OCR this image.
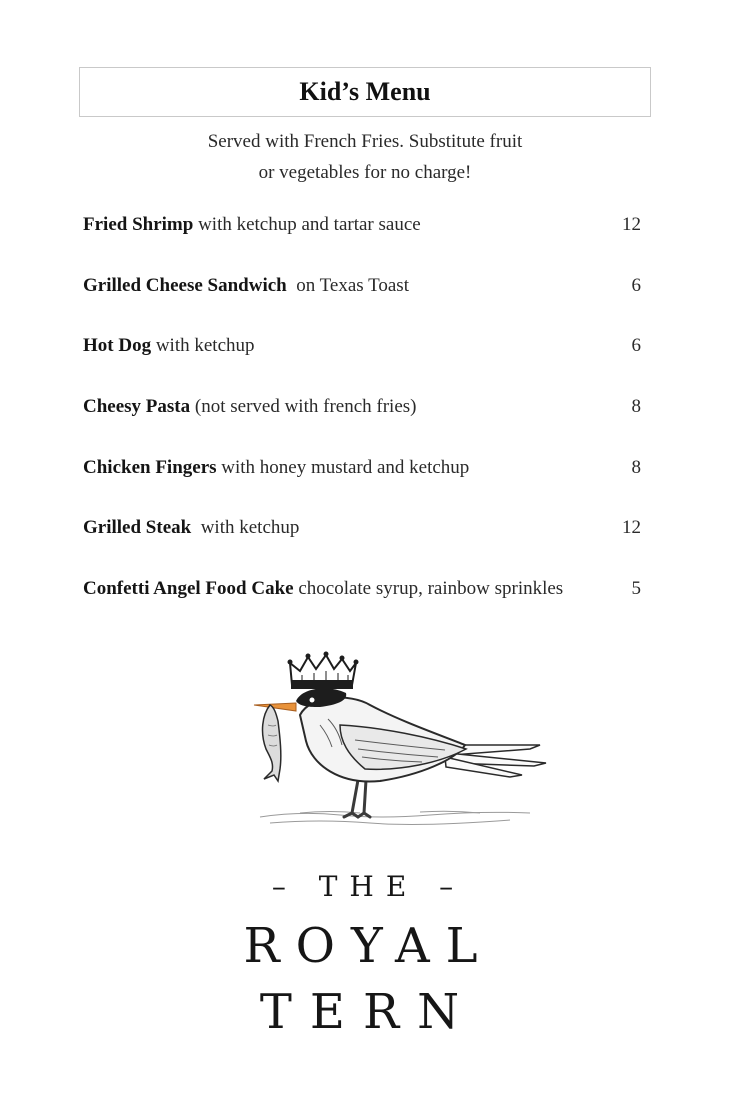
Kid’s Menu
Served with French Fries. Substitute fruit
or vegetables for no charge!
Fried Shrimp with ketchup and tartar sauce	12
Grilled Cheese Sandwich  on Texas Toast	6
Hot Dog with ketchup	6
Cheesy Pasta (not served with french fries)	8
Chicken Fingers with honey mustard and ketchup	8
Grilled Steak  with ketchup	12
Confetti Angel Food Cake chocolate syrup, rainbow sprinkles	5
– THE –
ROYAL
TERN
